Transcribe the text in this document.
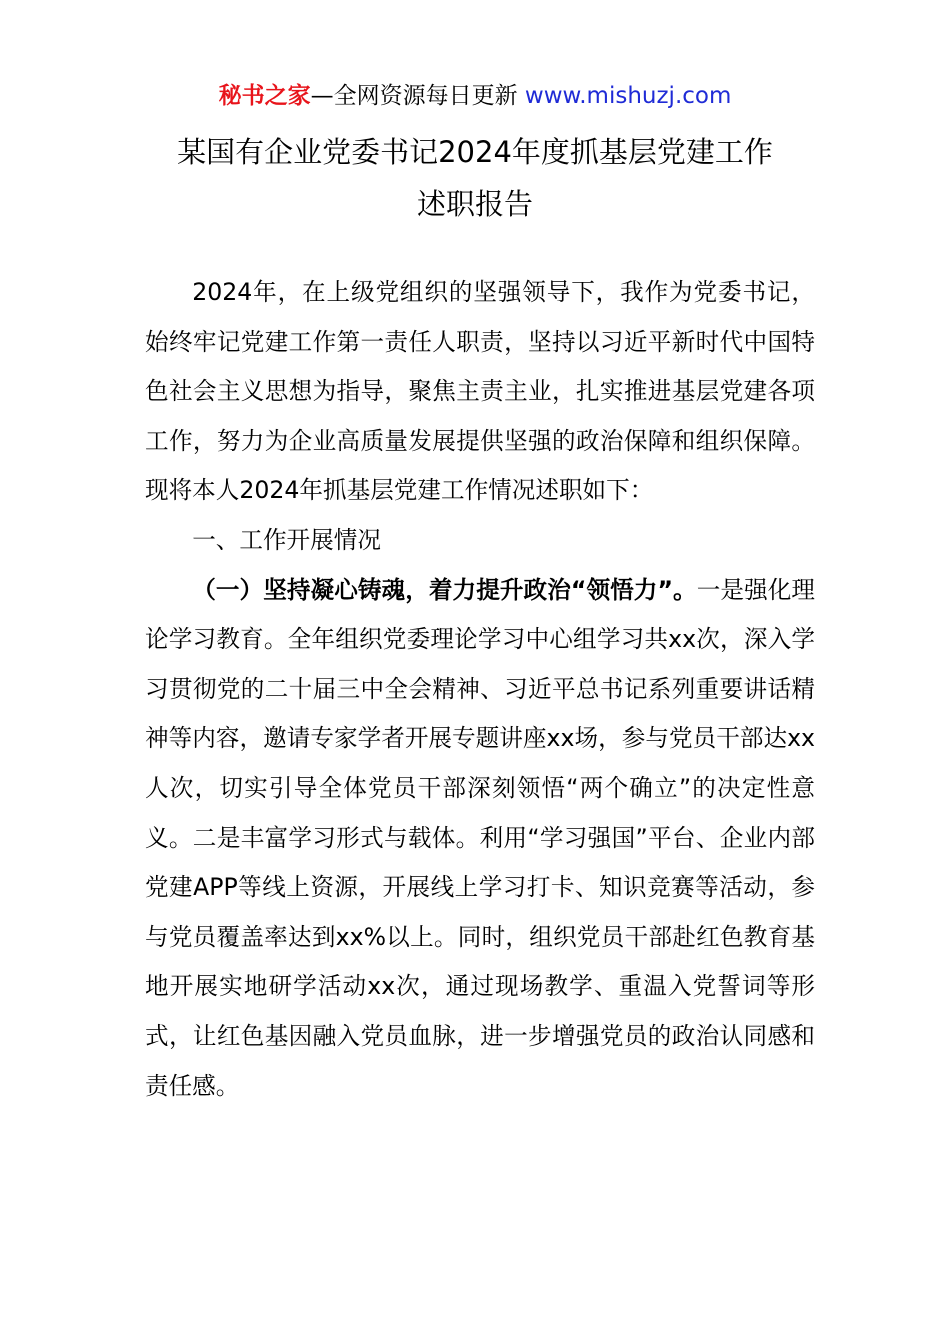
秘书之家—全网资源每日更新 www.mishuzj.com
某国有企业党委书记2024年度抓基层党建工作
述职报告

2024年，在上级党组织的坚强领导下，我作为党委书记，始终牢记党建工作第一责任人职责，坚持以习近平新时代中国特色社会主义思想为指导，聚焦主责主业，扎实推进基层党建各项工作，努力为企业高质量发展提供坚强的政治保障和组织保障。现将本人2024年抓基层党建工作情况述职如下：

一、工作开展情况

（一）坚持凝心铸魂，着力提升政治“领悟力”。一是强化理论学习教育。全年组织党委理论学习中心组学习共xx次，深入学习贯彻党的二十届三中全会精神、习近平总书记系列重要讲话精神等内容，邀请专家学者开展专题讲座xx场，参与党员干部达xx人次，切实引导全体党员干部深刻领悟“两个确立”的决定性意义。二是丰富学习形式与载体。利用“学习强国”平台、企业内部党建APP等线上资源，开展线上学习打卡、知识竞赛等活动，参与党员覆盖率达到xx%以上。同时，组织党员干部赴红色教育基地开展实地研学活动xx次，通过现场教学、重温入党誓词等形式，让红色基因融入党员血脉，进一步增强党员的政治认同感和责任感。
